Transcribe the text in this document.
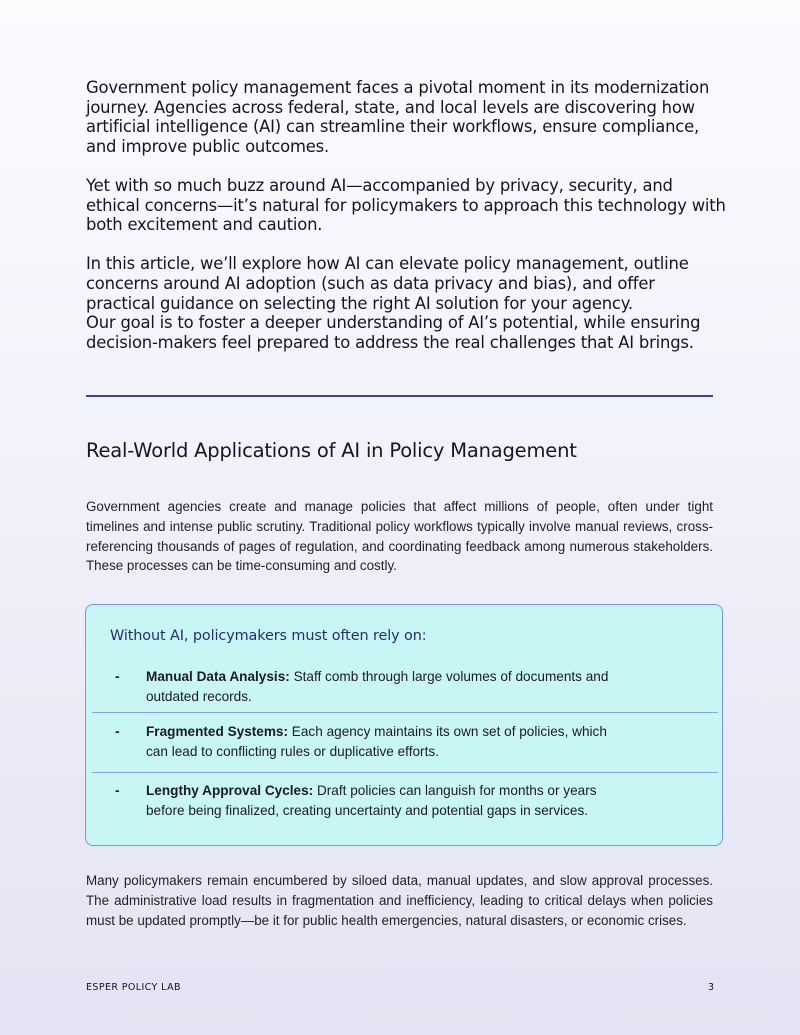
Government policy management faces a pivotal moment in its modernization journey. Agencies across federal, state, and local levels are discovering how artificial intelligence (AI) can streamline their workflows, ensure compliance, and improve public outcomes.

Yet with so much buzz around AI—accompanied by privacy, security, and ethical concerns—it’s natural for policymakers to approach this technology with both excitement and caution.

In this article, we’ll explore how AI can elevate policy management, outline concerns around AI adoption (such as data privacy and bias), and offer practical guidance on selecting the right AI solution for your agency.

Our goal is to foster a deeper understanding of AI’s potential, while ensuring decision-makers feel prepared to address the real challenges that AI brings.

Real-World Applications of AI in Policy Management

Government agencies create and manage policies that affect millions of people, often under tight timelines and intense public scrutiny. Traditional policy workflows typically involve manual reviews, cross-referencing thousands of pages of regulation, and coordinating feedback among numerous stakeholders. These processes can be time-consuming and costly.

Without AI, policymakers must often rely on:

- Manual Data Analysis: Staff comb through large volumes of documents and outdated records.
- Fragmented Systems: Each agency maintains its own set of policies, which can lead to conflicting rules or duplicative efforts.
- Lengthy Approval Cycles: Draft policies can languish for months or years before being finalized, creating uncertainty and potential gaps in services.

Many policymakers remain encumbered by siloed data, manual updates, and slow approval processes. The administrative load results in fragmentation and inefficiency, leading to critical delays when policies must be updated promptly—be it for public health emergencies, natural disasters, or economic crises.

ESPER POLICY LAB	3
